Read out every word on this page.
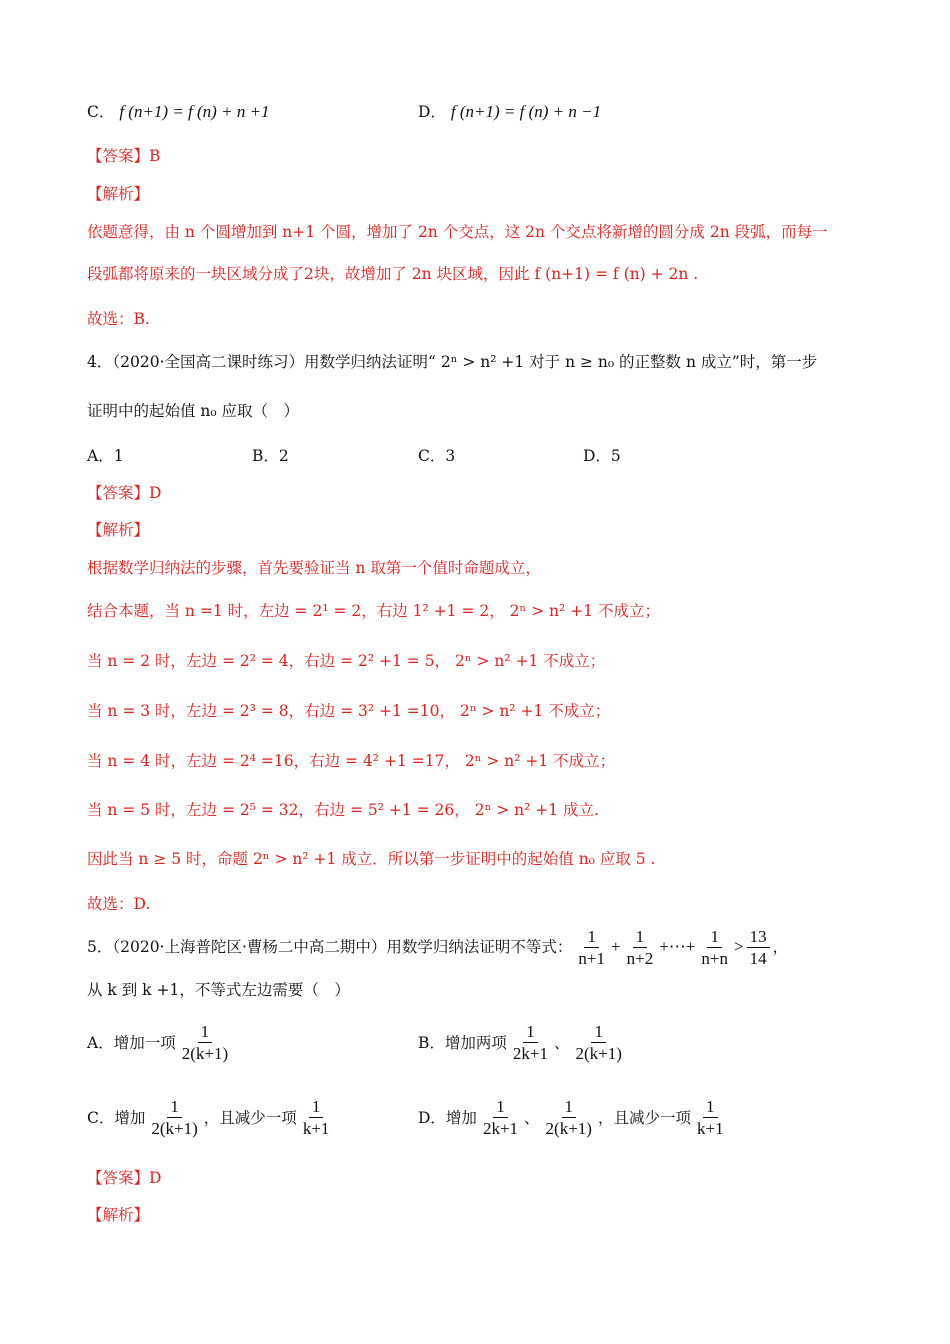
C． f (n+1) = f (n) + n +1	D． f (n+1) = f (n) + n −1
【答案】B
【解析】
依题意得，由 n 个圆增加到 n+1 个圆，增加了 2n 个交点，这 2n 个交点将新增的圆分成 2n 段弧，而每一
段弧都将原来的一块区域分成了2块，故增加了 2n 块区域，因此 f (n+1) = f (n) + 2n .
故选：B.
4．（2020·全国高二课时练习）用数学归纳法证明“ 2ⁿ > n² +1 对于 n ≥ n₀ 的正整数 n 成立”时，第一步
证明中的起始值 n₀ 应取（　）
A．1	B．2	C．3	D．5
【答案】D
【解析】
根据数学归纳法的步骤，首先要验证当 n 取第一个值时命题成立，
结合本题，当 n =1 时，左边 = 2¹ = 2，右边 1² +1 = 2， 2ⁿ > n² +1 不成立；
当 n = 2 时，左边 = 2² = 4，右边 = 2² +1 = 5， 2ⁿ > n² +1 不成立；
当 n = 3 时，左边 = 2³ = 8，右边 = 3² +1 =10， 2ⁿ > n² +1 不成立；
当 n = 4 时，左边 = 2⁴ =16，右边 = 4² +1 =17， 2ⁿ > n² +1 不成立；
当 n = 5 时，左边 = 2⁵ = 32，右边 = 5² +1 = 26， 2ⁿ > n² +1 成立.
因此当 n ≥ 5 时，命题 2ⁿ > n² +1 成立．所以第一步证明中的起始值 n₀ 应取 5 .
故选：D.
5．（2020·上海普陀区·曹杨二中高二期中）用数学归纳法证明不等式： $\frac{1}{n+1} + \frac{1}{n+2}$ +⋯+ $\frac{1}{n+n} > \frac{13}{14}$ ，
从 k 到 k +1，不等式左边需要（　）
A．增加一项 $\frac{1}{2(k+1)}$	B．增加两项 $\frac{1}{2k+1}$ 、 $\frac{1}{2(k+1)}$
C．增加 $\frac{1}{2(k+1)}$ ，且减少一项 $\frac{1}{k+1}$	D．增加 $\frac{1}{2k+1}$ 、 $\frac{1}{2(k+1)}$ ，且减少一项 $\frac{1}{k+1}$
【答案】D
【解析】
